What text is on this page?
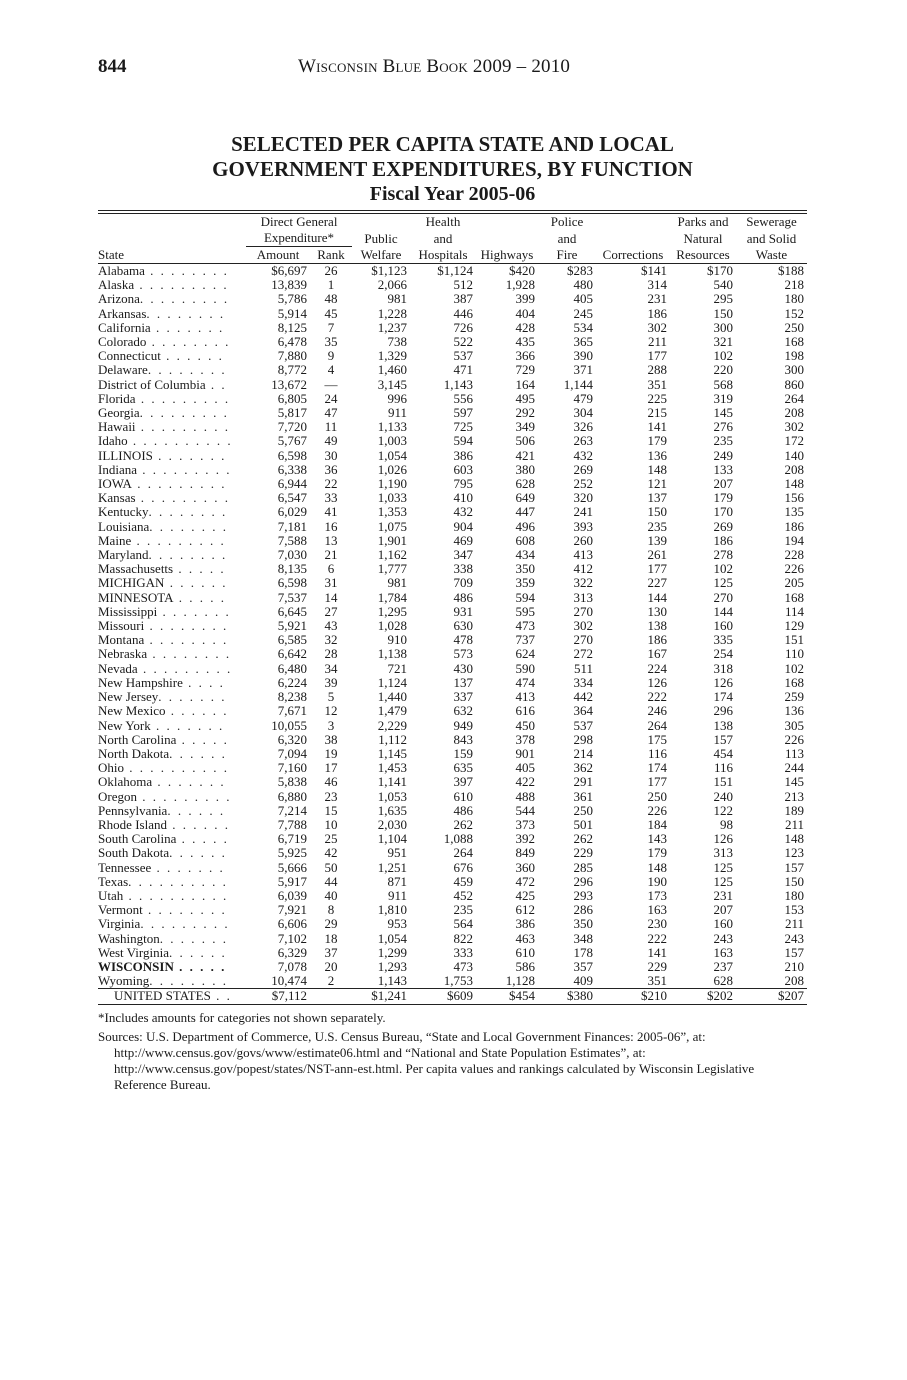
844	Wisconsin Blue Book 2009 – 2010
SELECTED PER CAPITA STATE AND LOCAL
GOVERNMENT EXPENDITURES, BY FUNCTION
Fiscal Year 2005-06
	Direct General			Health		Police		Parks and	Sewerage
	Expenditure*		Public	and		and		Natural	and Solid
State	Amount	Rank	Welfare	Hospitals	Highways	Fire	Corrections	Resources	Waste
Alabama . . . . . . . .	$6,697	26	$1,123	$1,124	$420	$283	$141	$170	$188
Alaska . . . . . . . . .	13,839	1	2,066	512	1,928	480	314	540	218
Arizona. . . . . . . . .	5,786	48	981	387	399	405	231	295	180
Arkansas. . . . . . . .	5,914	45	1,228	446	404	245	186	150	152
California . . . . . . .	8,125	7	1,237	726	428	534	302	300	250
Colorado . . . . . . . .	6,478	35	738	522	435	365	211	321	168
Connecticut . . . . . .	7,880	9	1,329	537	366	390	177	102	198
Delaware. . . . . . . .	8,772	4	1,460	471	729	371	288	220	300
District of Columbia . .	13,672	—	3,145	1,143	164	1,144	351	568	860
Florida . . . . . . . . .	6,805	24	996	556	495	479	225	319	264
Georgia. . . . . . . . .	5,817	47	911	597	292	304	215	145	208
Hawaii . . . . . . . . .	7,720	11	1,133	725	349	326	141	276	302
Idaho . . . . . . . . . .	5,767	49	1,003	594	506	263	179	235	172
ILLINOIS . . . . . . .	6,598	30	1,054	386	421	432	136	249	140
Indiana . . . . . . . . .	6,338	36	1,026	603	380	269	148	133	208
IOWA . . . . . . . . .	6,944	22	1,190	795	628	252	121	207	148
Kansas . . . . . . . . .	6,547	33	1,033	410	649	320	137	179	156
Kentucky. . . . . . . .	6,029	41	1,353	432	447	241	150	170	135
Louisiana. . . . . . . .	7,181	16	1,075	904	496	393	235	269	186
Maine . . . . . . . . .	7,588	13	1,901	469	608	260	139	186	194
Maryland. . . . . . . .	7,030	21	1,162	347	434	413	261	278	228
Massachusetts . . . . .	8,135	6	1,777	338	350	412	177	102	226
MICHIGAN . . . . . .	6,598	31	981	709	359	322	227	125	205
MINNESOTA . . . . .	7,537	14	1,784	486	594	313	144	270	168
Mississippi . . . . . . .	6,645	27	1,295	931	595	270	130	144	114
Missouri . . . . . . . .	5,921	43	1,028	630	473	302	138	160	129
Montana . . . . . . . .	6,585	32	910	478	737	270	186	335	151
Nebraska . . . . . . . .	6,642	28	1,138	573	624	272	167	254	110
Nevada . . . . . . . . .	6,480	34	721	430	590	511	224	318	102
New Hampshire . . . .	6,224	39	1,124	137	474	334	126	126	168
New Jersey. . . . . . .	8,238	5	1,440	337	413	442	222	174	259
New Mexico . . . . . .	7,671	12	1,479	632	616	364	246	296	136
New York . . . . . . .	10,055	3	2,229	949	450	537	264	138	305
North Carolina . . . . .	6,320	38	1,112	843	378	298	175	157	226
North Dakota. . . . . .	7,094	19	1,145	159	901	214	116	454	113
Ohio . . . . . . . . . .	7,160	17	1,453	635	405	362	174	116	244
Oklahoma . . . . . . .	5,838	46	1,141	397	422	291	177	151	145
Oregon . . . . . . . . .	6,880	23	1,053	610	488	361	250	240	213
Pennsylvania. . . . . .	7,214	15	1,635	486	544	250	226	122	189
Rhode Island . . . . . .	7,788	10	2,030	262	373	501	184	98	211
South Carolina . . . . .	6,719	25	1,104	1,088	392	262	143	126	148
South Dakota. . . . . .	5,925	42	951	264	849	229	179	313	123
Tennessee . . . . . . .	5,666	50	1,251	676	360	285	148	125	157
Texas. . . . . . . . . .	5,917	44	871	459	472	296	190	125	150
Utah . . . . . . . . . .	6,039	40	911	452	425	293	173	231	180
Vermont . . . . . . . .	7,921	8	1,810	235	612	286	163	207	153
Virginia. . . . . . . . .	6,606	29	953	564	386	350	230	160	211
Washington. . . . . . .	7,102	18	1,054	822	463	348	222	243	243
West Virginia. . . . . .	6,329	37	1,299	333	610	178	141	163	157
WISCONSIN . . . . .	7,078	20	1,293	473	586	357	229	237	210
Wyoming. . . . . . . .	10,474	2	1,143	1,753	1,128	409	351	628	208
UNITED STATES . .	$7,112		$1,241	$609	$454	$380	$210	$202	$207

*Includes amounts for categories not shown separately.

Sources: U.S. Department of Commerce, U.S. Census Bureau, “State and Local Government Finances: 2005-06”, at: http://www.census.gov/govs/www/estimate06.html and “National and State Population Estimates”, at: http://www.census.gov/popest/states/NST-ann-est.html. Per capita values and rankings calculated by Wisconsin Legislative Reference Bureau.
